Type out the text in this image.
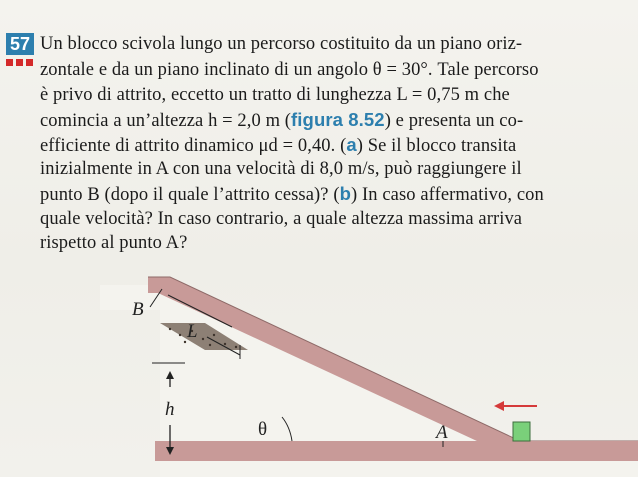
57 Un blocco scivola lungo un percorso costituito da un piano oriz-
zontale e da un piano inclinato di un angolo θ = 30°. Tale percorso
è privo di attrito, eccetto un tratto di lunghezza L = 0,75 m che
comincia a un’altezza h = 2,0 m (figura 8.52) e presenta un co-
efficiente di attrito dinamico μd = 0,40. (a) Se il blocco transita
inizialmente in A con una velocità di 8,0 m/s, può raggiungere il
punto B (dopo il quale l’attrito cessa)? (b) In caso affermativo, con
quale velocità? In caso contrario, a quale altezza massima arriva
rispetto al punto A?
B
L
h
θ	A
